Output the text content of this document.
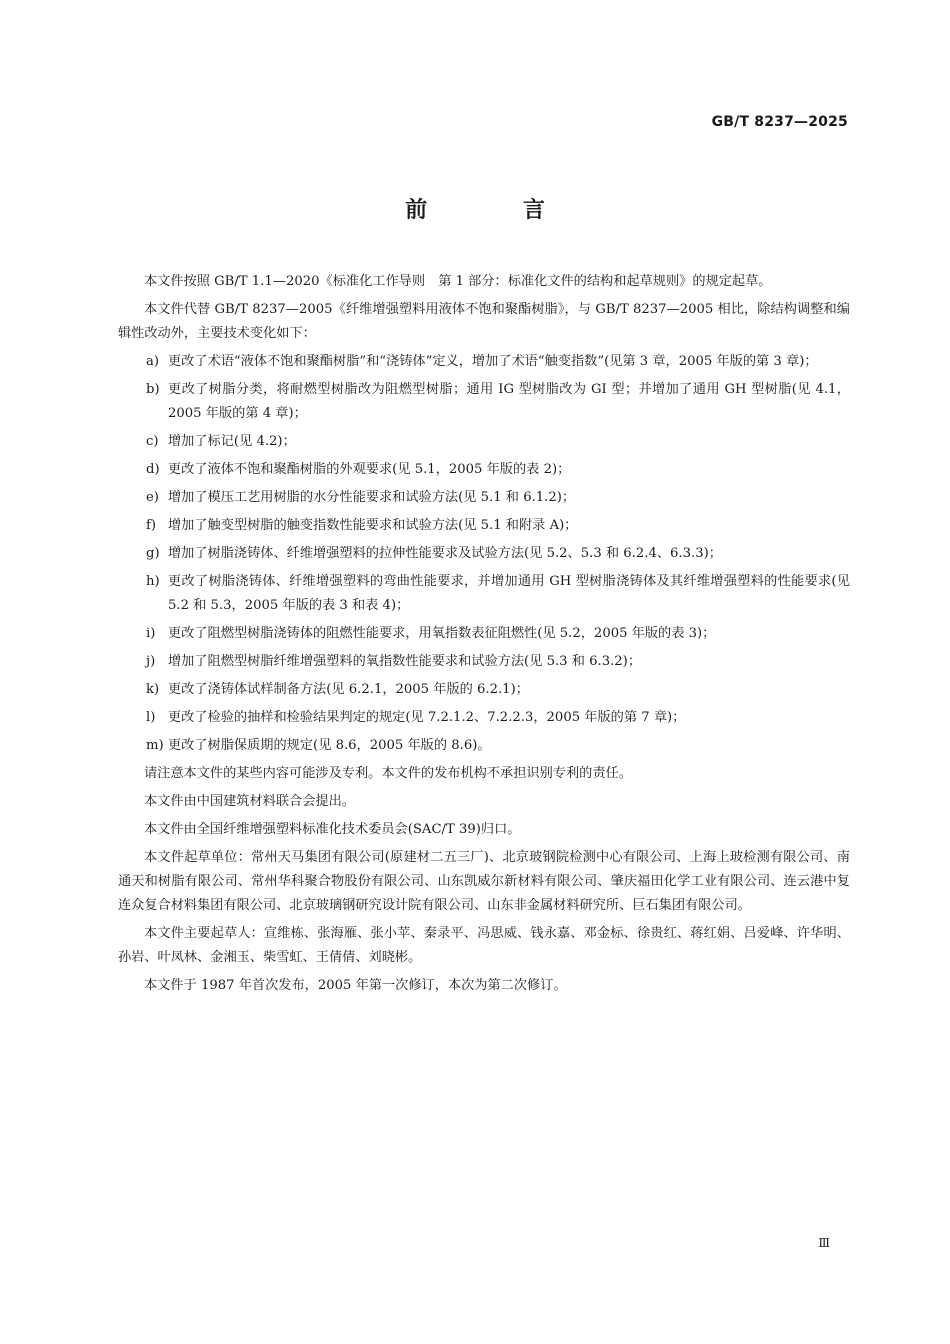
GB/T 8237—2025
前 言

本文件按照 GB/T 1.1—2020《标准化工作导则　第 1 部分：标准化文件的结构和起草规则》的规定起草。

本文件代替 GB/T 8237—2005《纤维增强塑料用液体不饱和聚酯树脂》，与 GB/T 8237—2005 相比，除结构调整和编辑性改动外，主要技术变化如下：

a) 更改了术语“液体不饱和聚酯树脂”和“浇铸体”定义，增加了术语“触变指数”(见第 3 章，2005 年版的第 3 章)；
b) 更改了树脂分类，将耐燃型树脂改为阻燃型树脂；通用 IG 型树脂改为 GI 型；并增加了通用 GH 型树脂(见 4.1，2005 年版的第 4 章)；
c) 增加了标记(见 4.2)；
d) 更改了液体不饱和聚酯树脂的外观要求(见 5.1，2005 年版的表 2)；
e) 增加了模压工艺用树脂的水分性能要求和试验方法(见 5.1 和 6.1.2)；
f) 增加了触变型树脂的触变指数性能要求和试验方法(见 5.1 和附录 A)；
g) 增加了树脂浇铸体、纤维增强塑料的拉伸性能要求及试验方法(见 5.2、5.3 和 6.2.4、6.3.3)；
h) 更改了树脂浇铸体、纤维增强塑料的弯曲性能要求，并增加通用 GH 型树脂浇铸体及其纤维增强塑料的性能要求(见 5.2 和 5.3，2005 年版的表 3 和表 4)；
i) 更改了阻燃型树脂浇铸体的阻燃性能要求，用氧指数表征阻燃性(见 5.2，2005 年版的表 3)；
j) 增加了阻燃型树脂纤维增强塑料的氧指数性能要求和试验方法(见 5.3 和 6.3.2)；
k) 更改了浇铸体试样制备方法(见 6.2.1，2005 年版的 6.2.1)；
l) 更改了检验的抽样和检验结果判定的规定(见 7.2.1.2、7.2.2.3，2005 年版的第 7 章)；
m) 更改了树脂保质期的规定(见 8.6，2005 年版的 8.6)。

请注意本文件的某些内容可能涉及专利。本文件的发布机构不承担识别专利的责任。

本文件由中国建筑材料联合会提出。

本文件由全国纤维增强塑料标准化技术委员会(SAC/T 39)归口。

本文件起草单位：常州天马集团有限公司(原建材二五三厂)、北京玻钢院检测中心有限公司、上海上玻检测有限公司、南通天和树脂有限公司、常州华科聚合物股份有限公司、山东凯威尔新材料有限公司、肇庆福田化学工业有限公司、连云港中复连众复合材料集团有限公司、北京玻璃钢研究设计院有限公司、山东非金属材料研究所、巨石集团有限公司。

本文件主要起草人：宣维栋、张海雁、张小苹、秦录平、冯思威、钱永嘉、邓金标、徐贵红、蒋红娟、吕爱峰、许华明、孙岩、叶凤林、金湘玉、柴雪虹、王倩倩、刘晓彬。

本文件于 1987 年首次发布，2005 年第一次修订，本次为第二次修订。

Ⅲ
